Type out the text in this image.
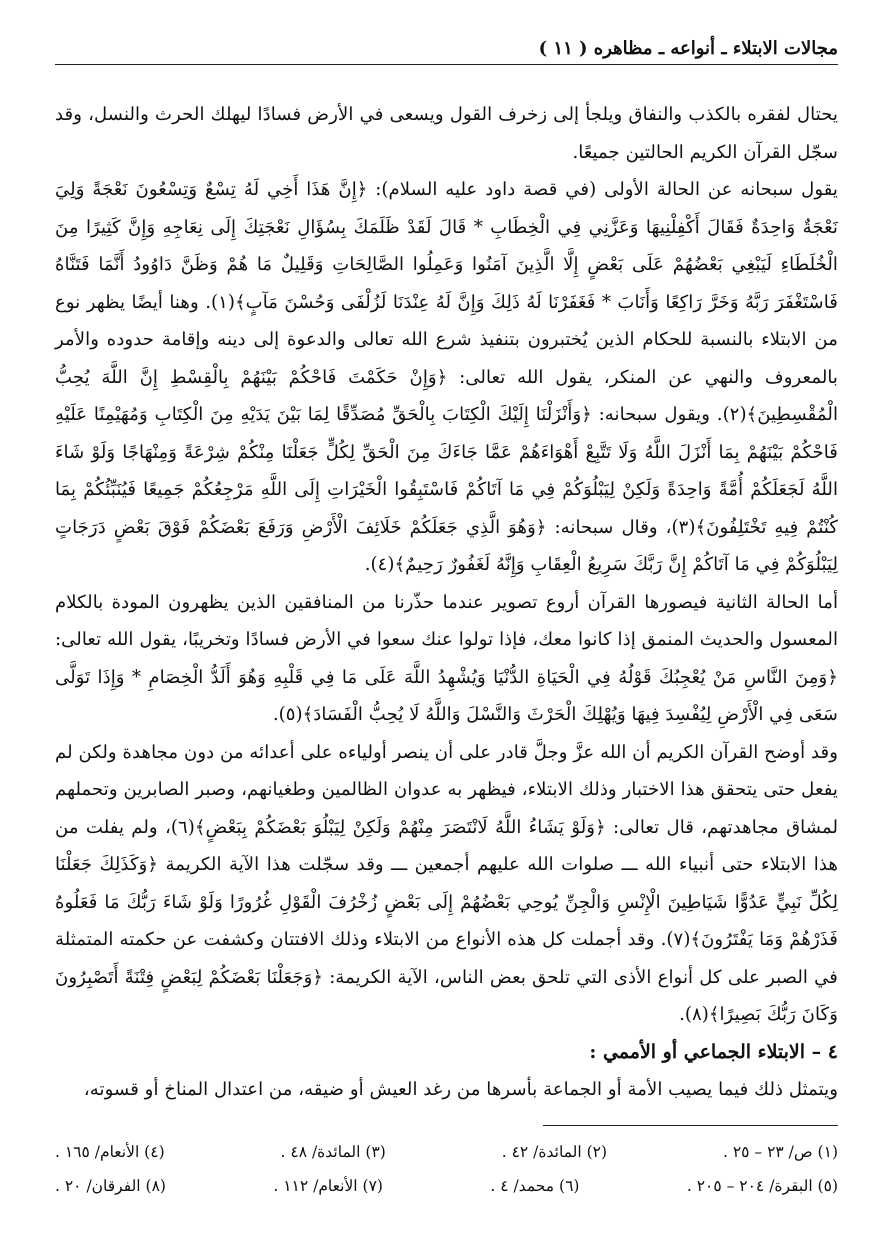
مجالات الابتلاء ـ أنواعه ـ مظاهره ( ١١ )

يحتال لفقره بالكذب والنفاق ويلجأ إلى زخرف القول ويسعى في الأرض فسادًا ليهلك الحرث والنسل، وقد سجّل القرآن الكريم الحالتين جميعًا.

يقول سبحانه عن الحالة الأولى (في قصة داود عليه السلام): ﴿إِنَّ هَذَا أَخِي لَهُ تِسْعٌ وَتِسْعُونَ نَعْجَةً وَلِيَ نَعْجَةٌ وَاحِدَةٌ فَقَالَ أَكْفِلْنِيهَا وَعَزَّنِي فِي الْخِطَابِ * قَالَ لَقَدْ ظَلَمَكَ بِسُؤَالِ نَعْجَتِكَ إِلَى نِعَاجِهِ وَإِنَّ كَثِيرًا مِنَ الْخُلَطَاءِ لَيَبْغِي بَعْضُهُمْ عَلَى بَعْضٍ إِلَّا الَّذِينَ آمَنُوا وَعَمِلُوا الصَّالِحَاتِ وَقَلِيلٌ مَا هُمْ وَظَنَّ دَاوُودُ أَنَّمَا فَتَنَّاهُ فَاسْتَغْفَرَ رَبَّهُ وَخَرَّ رَاكِعًا وَأَنَابَ * فَغَفَرْنَا لَهُ ذَلِكَ وَإِنَّ لَهُ عِنْدَنَا لَزُلْفَى وَحُسْنَ مَآبٍ﴾(١). وهنا أيضًا يظهر نوع من الابتلاء بالنسبة للحكام الذين يُختبرون بتنفيذ شرع الله تعالى والدعوة إلى دينه وإقامة حدوده والأمر بالمعروف والنهي عن المنكر، يقول الله تعالى: ﴿وَإِنْ حَكَمْتَ فَاحْكُمْ بَيْنَهُمْ بِالْقِسْطِ إِنَّ اللَّهَ يُحِبُّ الْمُقْسِطِينَ﴾(٢). ويقول سبحانه: ﴿وَأَنْزَلْنَا إِلَيْكَ الْكِتَابَ بِالْحَقِّ مُصَدِّقًا لِمَا بَيْنَ يَدَيْهِ مِنَ الْكِتَابِ وَمُهَيْمِنًا عَلَيْهِ فَاحْكُمْ بَيْنَهُمْ بِمَا أَنْزَلَ اللَّهُ وَلَا تَتَّبِعْ أَهْوَاءَهُمْ عَمَّا جَاءَكَ مِنَ الْحَقِّ لِكُلٍّ جَعَلْنَا مِنْكُمْ شِرْعَةً وَمِنْهَاجًا وَلَوْ شَاءَ اللَّهُ لَجَعَلَكُمْ أُمَّةً وَاحِدَةً وَلَكِنْ لِيَبْلُوَكُمْ فِي مَا آتَاكُمْ فَاسْتَبِقُوا الْخَيْرَاتِ إِلَى اللَّهِ مَرْجِعُكُمْ جَمِيعًا فَيُنَبِّئُكُمْ بِمَا كُنْتُمْ فِيهِ تَخْتَلِفُونَ﴾(٣)، وقال سبحانه: ﴿وَهُوَ الَّذِي جَعَلَكُمْ خَلَائِفَ الْأَرْضِ وَرَفَعَ بَعْضَكُمْ فَوْقَ بَعْضٍ دَرَجَاتٍ لِيَبْلُوَكُمْ فِي مَا آتَاكُمْ إِنَّ رَبَّكَ سَرِيعُ الْعِقَابِ وَإِنَّهُ لَغَفُورٌ رَحِيمٌ﴾(٤).

أما الحالة الثانية فيصورها القرآن أروع تصوير عندما حذّرنا من المنافقين الذين يظهرون المودة بالكلام المعسول والحديث المنمق إذا كانوا معك، فإذا تولوا عنك سعوا في الأرض فسادًا وتخريبًا، يقول الله تعالى: ﴿وَمِنَ النَّاسِ مَنْ يُعْجِبُكَ قَوْلُهُ فِي الْحَيَاةِ الدُّنْيَا وَيُشْهِدُ اللَّهَ عَلَى مَا فِي قَلْبِهِ وَهُوَ أَلَدُّ الْخِصَامِ * وَإِذَا تَوَلَّى سَعَى فِي الْأَرْضِ لِيُفْسِدَ فِيهَا وَيُهْلِكَ الْحَرْثَ وَالنَّسْلَ وَاللَّهُ لَا يُحِبُّ الْفَسَادَ﴾(٥).

وقد أوضح القرآن الكريم أن الله عزَّ وجلَّ قادر على أن ينصر أولياءه على أعدائه من دون مجاهدة ولكن لم يفعل حتى يتحقق هذا الاختبار وذلك الابتلاء، فيظهر به عدوان الظالمين وطغيانهم، وصبر الصابرين وتحملهم لمشاق مجاهدتهم، قال تعالى: ﴿وَلَوْ يَشَاءُ اللَّهُ لَانْتَصَرَ مِنْهُمْ وَلَكِنْ لِيَبْلُوَ بَعْضَكُمْ بِبَعْضٍ﴾(٦)، ولم يفلت من هذا الابتلاء حتى أنبياء الله ـــ صلوات الله عليهم أجمعين ـــ وقد سجّلت هذا الآية الكريمة ﴿وَكَذَلِكَ جَعَلْنَا لِكُلِّ نَبِيٍّ عَدُوًّا شَيَاطِينَ الْإِنْسِ وَالْجِنِّ يُوحِي بَعْضُهُمْ إِلَى بَعْضٍ زُخْرُفَ الْقَوْلِ غُرُورًا وَلَوْ شَاءَ رَبُّكَ مَا فَعَلُوهُ فَذَرْهُمْ وَمَا يَفْتَرُونَ﴾(٧). وقد أجملت كل هذه الأنواع من الابتلاء وذلك الافتتان وكشفت عن حكمته المتمثلة في الصبر على كل أنواع الأذى التي تلحق بعض الناس، الآية الكريمة: ﴿وَجَعَلْنَا بَعْضَكُمْ لِبَعْضٍ فِتْنَةً أَتَصْبِرُونَ وَكَانَ رَبُّكَ بَصِيرًا﴾(٨).

٤ – الابتلاء الجماعي أو الأممي :

ويتمثل ذلك فيما يصيب الأمة أو الجماعة بأسرها من رغد العيش أو ضيقه، من اعتدال المناخ أو قسوته،

(١) ص/ ٢٣ – ٢٥ .
(٢) المائدة/ ٤٢ .
(٣) المائدة/ ٤٨ .
(٤) الأنعام/ ١٦٥ .
(٥) البقرة/ ٢٠٤ – ٢٠٥ .
(٦) محمد/ ٤ .
(٧) الأنعام/ ١١٢ .
(٨) الفرقان/ ٢٠ .
